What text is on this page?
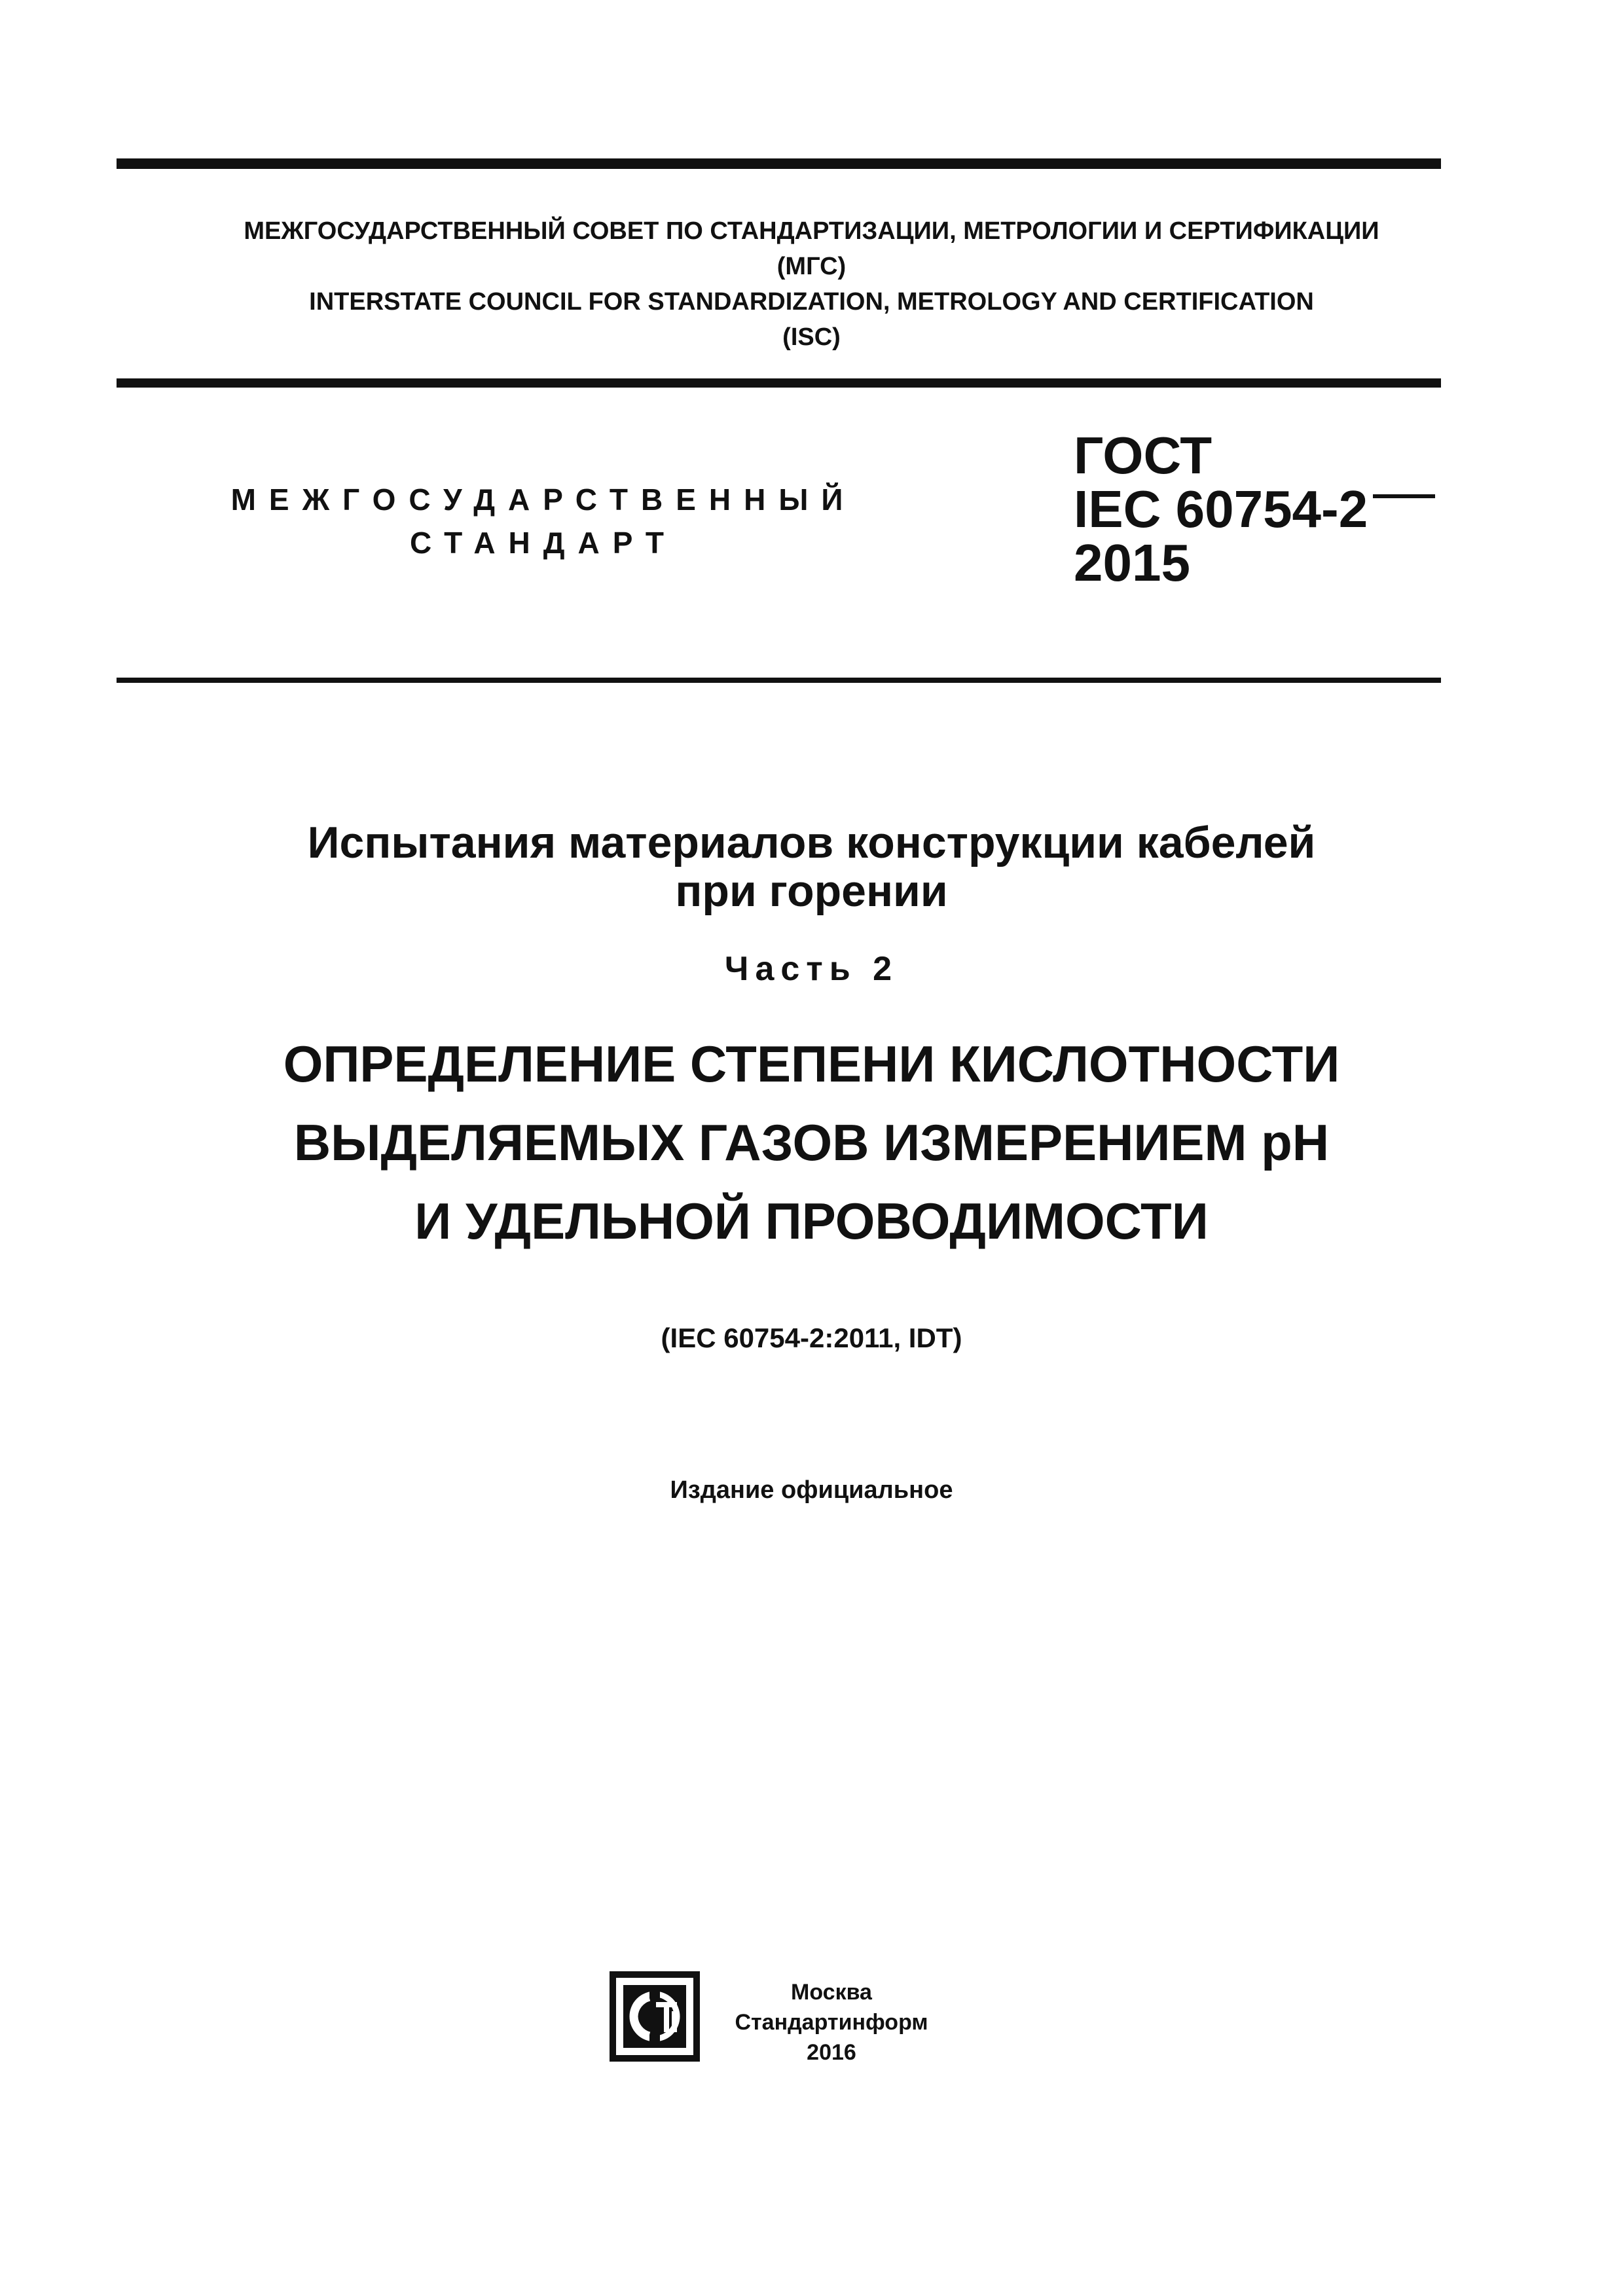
МЕЖГОСУДАРСТВЕННЫЙ СОВЕТ ПО СТАНДАРТИЗАЦИИ, МЕТРОЛОГИИ И СЕРТИФИКАЦИИ
(МГС)
INTERSTATE COUNCIL FOR STANDARDIZATION, METROLOGY AND CERTIFICATION
(ISC)
МЕЖГОСУДАРСТВЕННЫЙ
СТАНДАРТ
ГОСТ
IEC 60754-2
2015
Испытания материалов конструкции кабелей
при горении
Часть 2
ОПРЕДЕЛЕНИЕ СТЕПЕНИ КИСЛОТНОСТИ
ВЫДЕЛЯЕМЫХ ГАЗОВ ИЗМЕРЕНИЕМ pH
И УДЕЛЬНОЙ ПРОВОДИМОСТИ
(IEC 60754-2:2011, IDT)
Издание официальное
Москва
Стандартинформ
2016
